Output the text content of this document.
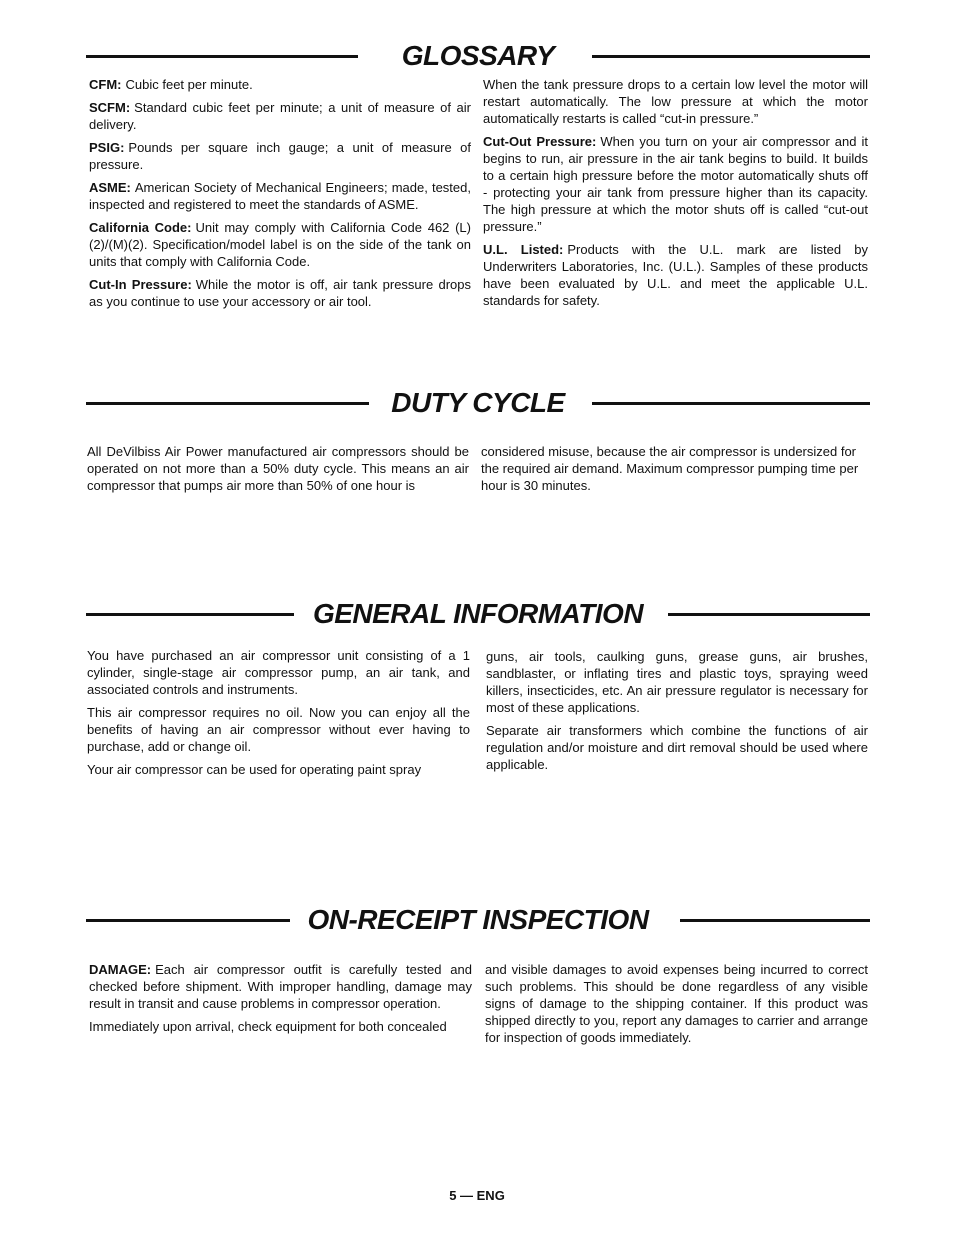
GLOSSARY

CFM: Cubic feet per minute.

SCFM: Standard cubic feet per minute; a unit of measure of air delivery.

PSIG: Pounds per square inch gauge; a unit of measure of pressure.

ASME: American Society of Mechanical Engineers; made, tested, inspected and registered to meet the standards of ASME.

California Code: Unit may comply with California Code 462 (L)(2)/(M)(2). Specification/model label is on the side of the tank on units that comply with California Code.

Cut-In Pressure: While the motor is off, air tank pressure drops as you continue to use your accessory or air tool.

When the tank pressure drops to a certain low level the motor will restart automatically. The low pressure at which the motor automatically restarts is called “cut-in pressure.”

Cut-Out Pressure: When you turn on your air compressor and it begins to run, air pressure in the air tank begins to build. It builds to a certain high pressure before the motor automatically shuts off - protecting your air tank from pressure higher than its capacity. The high pressure at which the motor shuts off is called “cut-out pressure.”

U.L. Listed: Products with the U.L. mark are listed by Underwriters Laboratories, Inc. (U.L.). Samples of these products have been evaluated by U.L. and meet the applicable U.L. standards for safety.

DUTY CYCLE

All DeVilbiss Air Power manufactured air compressors should be operated on not more than a 50% duty cycle. This means an air compressor that pumps air more than 50% of one hour is

considered misuse, because the air compressor is undersized for the required air demand. Maximum compressor pumping time per hour is 30 minutes.

GENERAL INFORMATION

You have purchased an air compressor unit consisting of a 1 cylinder, single-stage air compressor pump, an air tank, and associated controls and instruments.

This air compressor requires no oil. Now you can enjoy all the benefits of having an air compressor without ever having to purchase, add or change oil.

Your air compressor can be used for operating paint spray

guns, air tools, caulking guns, grease guns, air brushes, sandblaster, or inflating tires and plastic toys, spraying weed killers, insecticides, etc. An air pressure regulator is necessary for most of these applications.

Separate air transformers which combine the functions of air regulation and/or moisture and dirt removal should be used where applicable.

ON-RECEIPT INSPECTION

DAMAGE: Each air compressor outfit is carefully tested and checked before shipment. With improper handling, damage may result in transit and cause problems in compressor operation.

Immediately upon arrival, check equipment for both concealed

and visible damages to avoid expenses being incurred to correct such problems. This should be done regardless of any visible signs of damage to the shipping container. If this product was shipped directly to you, report any damages to carrier and arrange for inspection of goods immediately.

5 — ENG
